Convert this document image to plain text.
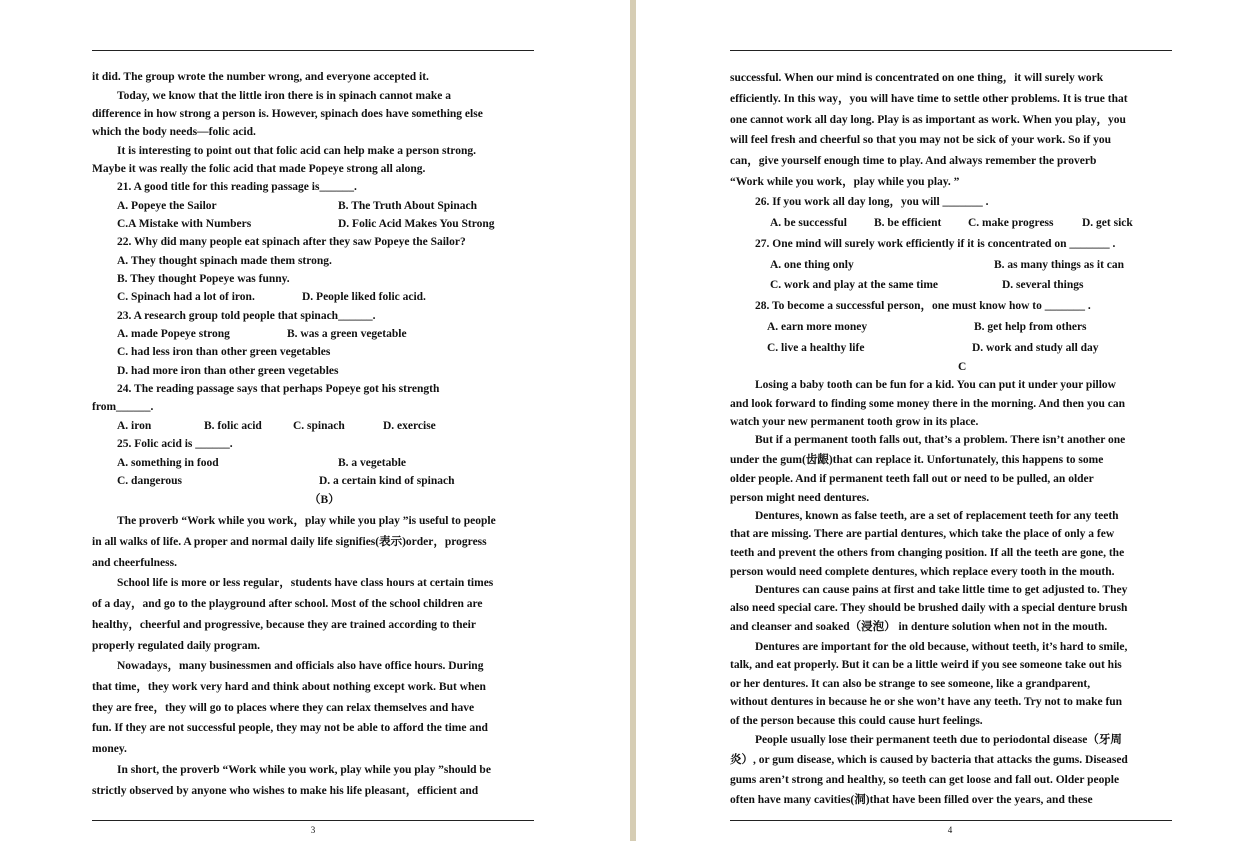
3
it did. The group wrote the number wrong, and everyone accepted it.
Today, we know that the little iron there is in spinach cannot make a
difference in how strong a person is. However, spinach does have something else
which the body needs—folic acid.
It is interesting to point out that folic acid can help make a person strong.
Maybe it was really the folic acid that made Popeye strong all along.
21. A good title for this reading passage is______.
A. Popeye the Sailor	B. The Truth About Spinach
C.A Mistake with Numbers	D. Folic Acid Makes You Strong
22. Why did many people eat spinach after they saw Popeye the Sailor?
A. They thought spinach made them strong.
B. They thought Popeye was funny.
C. Spinach had a lot of iron.	D. People liked folic acid.
23. A research group told people that spinach______.
A. made Popeye strong	B. was a green vegetable
C. had less iron than other green vegetables
D. had more iron than other green vegetables
24. The reading passage says that perhaps Popeye got his strength
from______.
A. iron	B. folic acid	C. spinach	D. exercise
25. Folic acid is ______.
A. something in food	B. a vegetable
C. dangerous	D. a certain kind of spinach
（B）
The proverb “Work while you work，play while you play ”is useful to people
in all walks of life. A proper and normal daily life signifies(表示)order，progress
and cheerfulness.
School life is more or less regular，students have class hours at certain times
of a day，and go to the playground after school. Most of the school children are
healthy，cheerful and progressive, because they are trained according to their
properly regulated daily program.
Nowadays，many businessmen and officials also have office hours. During
that time，they work very hard and think about nothing except work. But when
they are free，they will go to places where they can relax themselves and have
fun. If they are not successful people, they may not be able to afford the time and
money.
In short, the proverb “Work while you work, play while you play ”should be
strictly observed by anyone who wishes to make his life pleasant，efficient and
4
successful. When our mind is concentrated on one thing，it will surely work
efficiently. In this way，you will have time to settle other problems. It is true that
one cannot work all day long. Play is as important as work. When you play，you
will feel fresh and cheerful so that you may not be sick of your work. So if you
can，give yourself enough time to play. And always remember the proverb
“Work while you work，play while you play. ”
26. If you work all day long，you will _______ .
A. be successful B. be efficient C. make progress D. get sick
27. One mind will surely work efficiently if it is concentrated on _______ .
A. one thing only	B. as many things as it can
C. work and play at the same time	D. several things
28. To become a successful person，one must know how to _______ .
A. earn more money	B. get help from others
C. live a healthy life	D. work and study all day
C
Losing a baby tooth can be fun for a kid. You can put it under your pillow
and look forward to finding some money there in the morning. And then you can
watch your new permanent tooth grow in its place.
But if a permanent tooth falls out, that’s a problem. There isn’t another one
under the gum(齿龈)that can replace it. Unfortunately, this happens to some
older people. And if permanent teeth fall out or need to be pulled, an older
person might need dentures.
Dentures, known as false teeth, are a set of replacement teeth for any teeth
that are missing. There are partial dentures, which take the place of only a few
teeth and prevent the others from changing position. If all the teeth are gone, the
person would need complete dentures, which replace every tooth in the mouth.
Dentures can cause pains at first and take little time to get adjusted to. They
also need special care. They should be brushed daily with a special denture brush
and cleanser and soaked（浸泡） in denture solution when not in the mouth.
Dentures are important for the old because, without teeth, it’s hard to smile,
talk, and eat properly. But it can be a little weird if you see someone take out his
or her dentures. It can also be strange to see someone, like a grandparent,
without dentures in because he or she won’t have any teeth. Try not to make fun
of the person because this could cause hurt feelings.
People usually lose their permanent teeth due to periodontal disease（牙周
炎）, or gum disease, which is caused by bacteria that attacks the gums. Diseased
gums aren’t strong and healthy, so teeth can get loose and fall out. Older people
often have many cavities(洞)that have been filled over the years, and these
